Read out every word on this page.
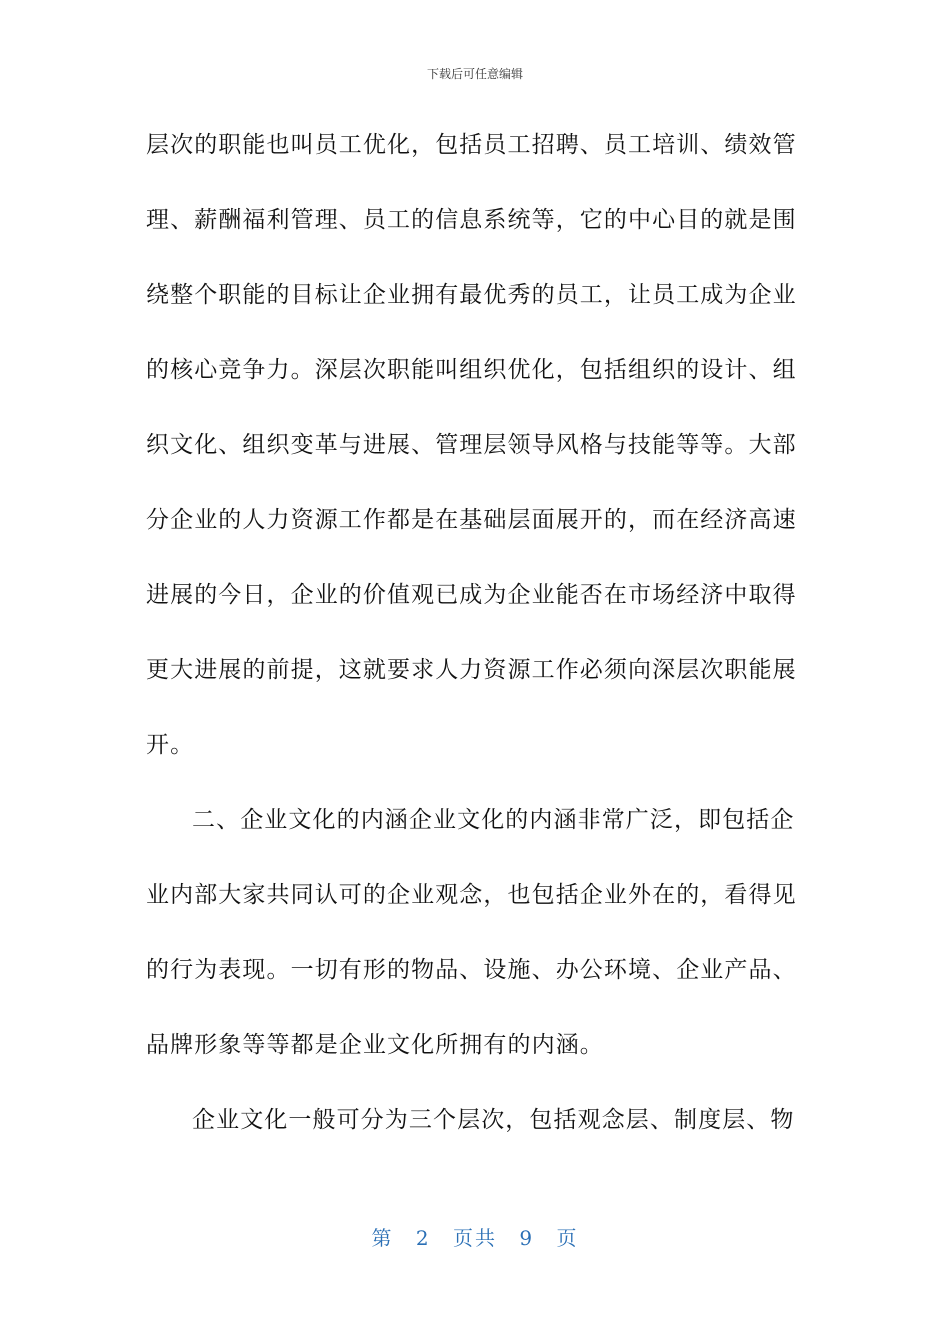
下载后可任意编辑
层次的职能也叫员工优化，包括员工招聘、员工培训、绩效管
理、薪酬福利管理、员工的信息系统等，它的中心目的就是围
绕整个职能的目标让企业拥有最优秀的员工，让员工成为企业
的核心竞争力。深层次职能叫组织优化，包括组织的设计、组
织文化、组织变革与进展、管理层领导风格与技能等等。大部
分企业的人力资源工作都是在基础层面展开的，而在经济高速
进展的今日，企业的价值观已成为企业能否在市场经济中取得
更大进展的前提，这就要求人力资源工作必须向深层次职能展
开。
二、企业文化的内涵企业文化的内涵非常广泛，即包括企
业内部大家共同认可的企业观念，也包括企业外在的，看得见
的行为表现。一切有形的物品、设施、办公环境、企业产品、
品牌形象等等都是企业文化所拥有的内涵。
企业文化一般可分为三个层次，包括观念层、制度层、物
第 2 页共 9 页
